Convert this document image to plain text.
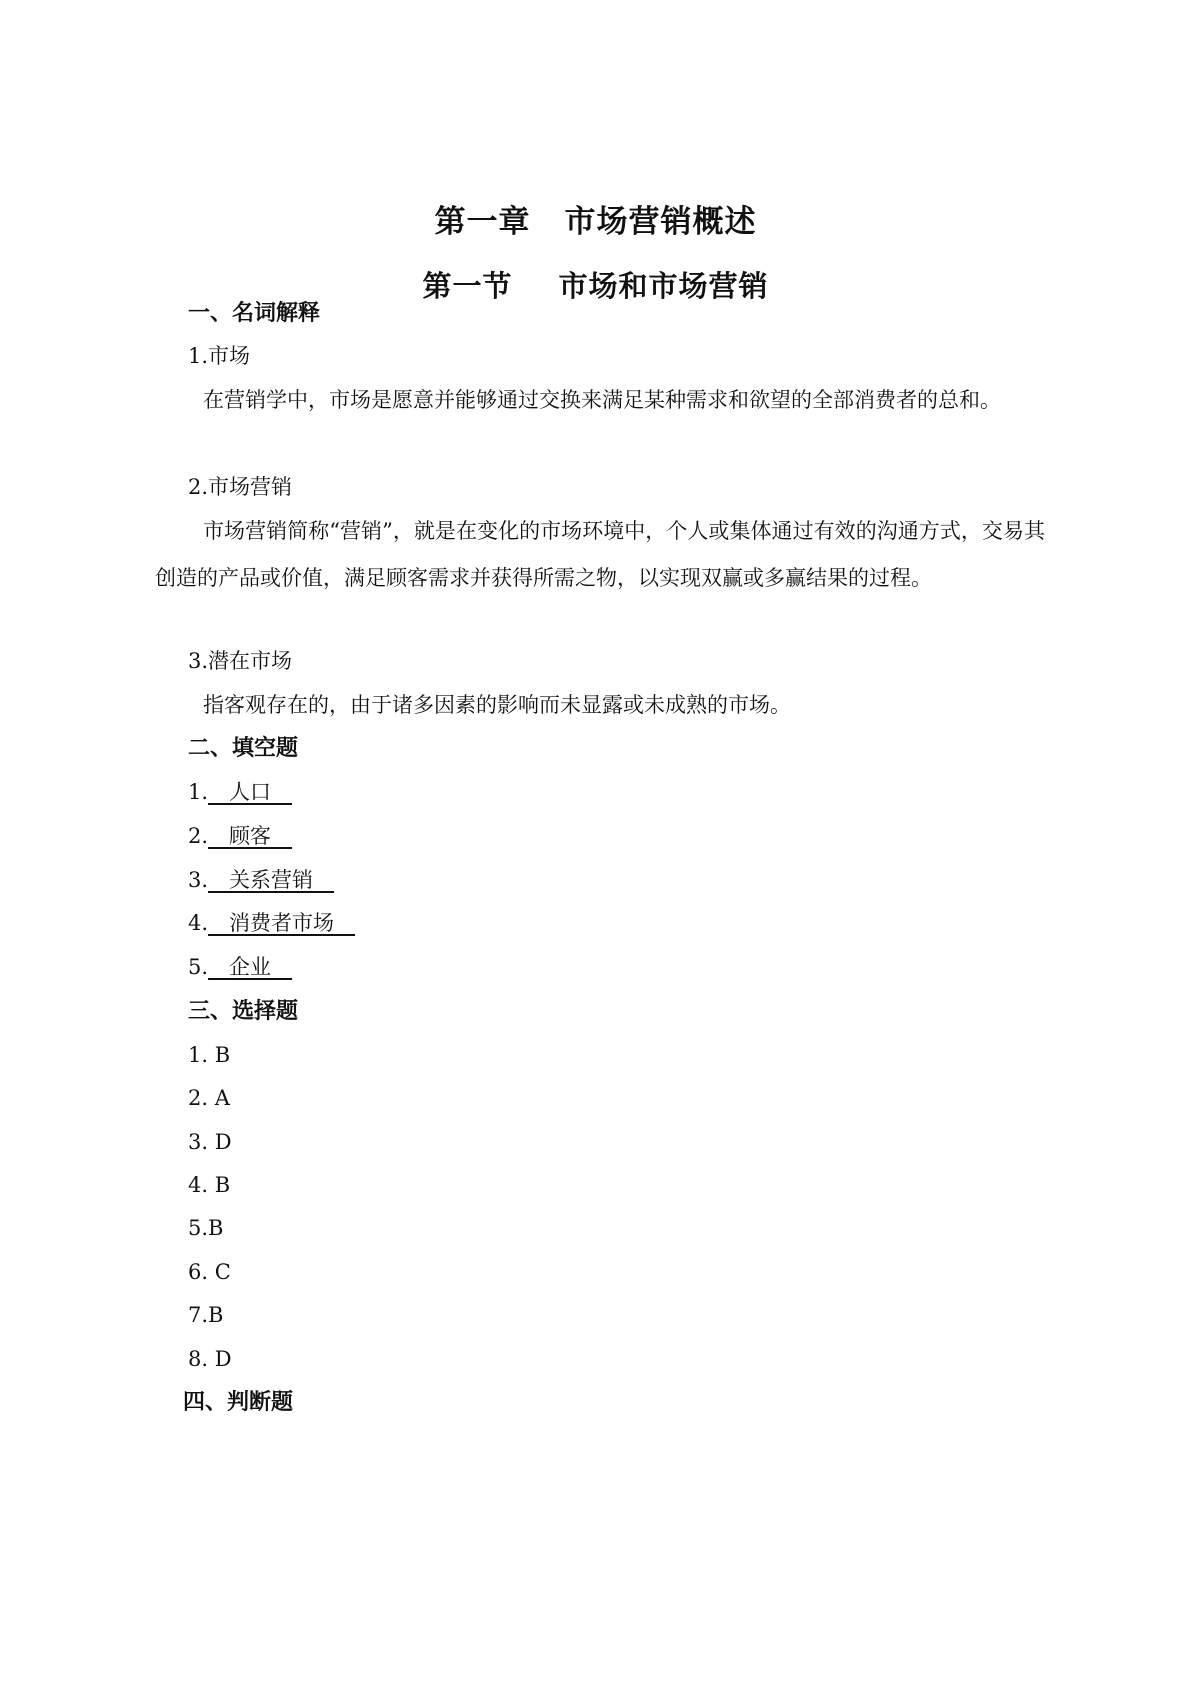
第一章 市场营销概述
第一节 市场和市场营销
一、名词解释
1.市场
在营销学中，市场是愿意并能够通过交换来满足某种需求和欲望的全部消费者的总和。
2.市场营销
市场营销简称“营销”，就是在变化的市场环境中，个人或集体通过有效的沟通方式，交易其创造的产品或价值，满足顾客需求并获得所需之物，以实现双赢或多赢结果的过程。
3.潜在市场
指客观存在的，由于诸多因素的影响而未显露或未成熟的市场。
二、填空题
1.__人口__
2.__顾客__
3.__关系营销__
4.__消费者市场__
5.__企业__
三、选择题
1. B
2. A
3. D
4. B
5.B
6. C
7.B
8. D
四、判断题
